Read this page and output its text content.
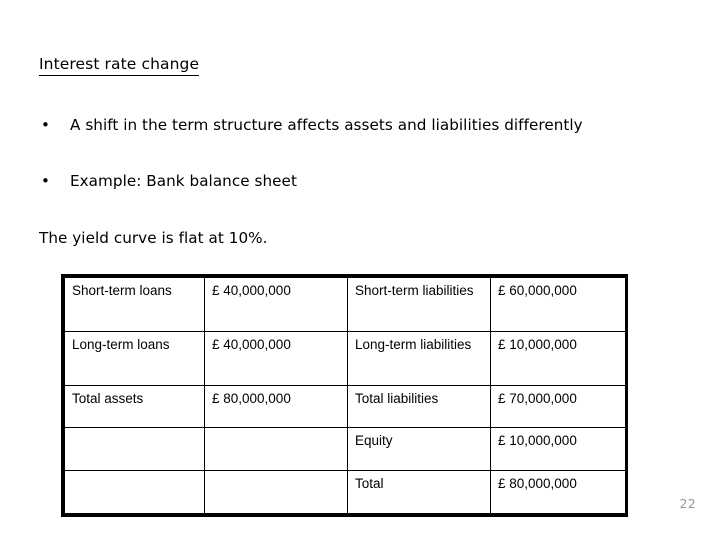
Interest rate change
•	A shift in the term structure affects assets and liabilities differently
•	Example: Bank balance sheet
The yield curve is flat at 10%.
Short-term loans	£ 40,000,000	Short-term liabilities	£ 60,000,000
Long-term loans	£ 40,000,000	Long-term liabilities	£ 10,000,000
Total assets	£ 80,000,000	Total liabilities	£ 70,000,000
		Equity	£ 10,000,000
		Total	£ 80,000,000
22
